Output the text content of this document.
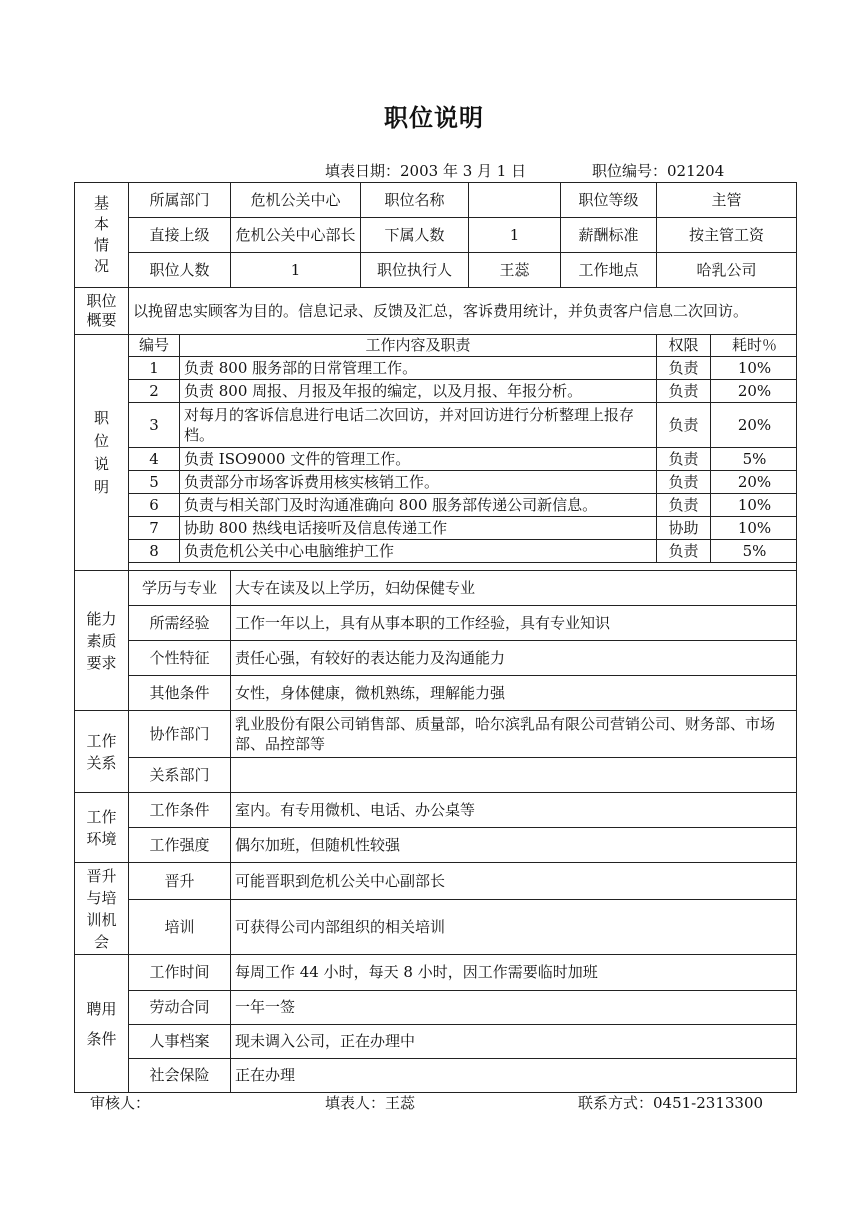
职位说明
填表日期：2003 年 3 月 1 日	职位编号：021204
基本情况
	所属部门	危机公关中心	职位名称		职位等级	主管
直接上级	危机公关中心部长	下属人数	1	薪酬标准	按主管工资
职位人数	1	职位执行人	王蕊	工作地点	哈乳公司

职位概要	以挽留忠实顾客为目的。信息记录、反馈及汇总，客诉费用统计，并负责客户信息二次回访。

职位说明

编号	工作内容及职责	权限	耗时％
1	负责 800 服务部的日常管理工作。	负责	10%
2	负责 800 周报、月报及年报的编定，以及月报、年报分析。	负责	20%
3	对每月的客诉信息进行电话二次回访，并对回访进行分析整理上报存档。	负责	20%
4	负责 ISO9000 文件的管理工作。	负责	5%
5	负责部分市场客诉费用核实核销工作。	负责	20%
6	负责与相关部门及时沟通准确向 800 服务部传递公司新信息。	负责	10%
7	协助 800 热线电话接听及信息传递工作	协助	10%
8	负责危机公关中心电脑维护工作	负责	5%

能力素质要求
	学历与专业	大专在读及以上学历，妇幼保健专业
所需经验	工作一年以上，具有从事本职的工作经验，具有专业知识
个性特征	责任心强，有较好的表达能力及沟通能力
其他条件	女性，身体健康，微机熟练，理解能力强

工作关系
	协作部门	乳业股份有限公司销售部、质量部，哈尔滨乳品有限公司营销公司、财务部、市场部、品控部等
关系部门	

工作环境
	工作条件	室内。有专用微机、电话、办公桌等
工作强度	偶尔加班，但随机性较强

晋升与培训机会
	晋升	可能晋职到危机公关中心副部长
培训	可获得公司内部组织的相关培训

聘用条件
	工作时间	每周工作 44 小时，每天 8 小时，因工作需要临时加班
劳动合同	一年一签
人事档案	现未调入公司，正在办理中
社会保险	正在办理
审核人：	填表人：王蕊	联系方式：0451-2313300
